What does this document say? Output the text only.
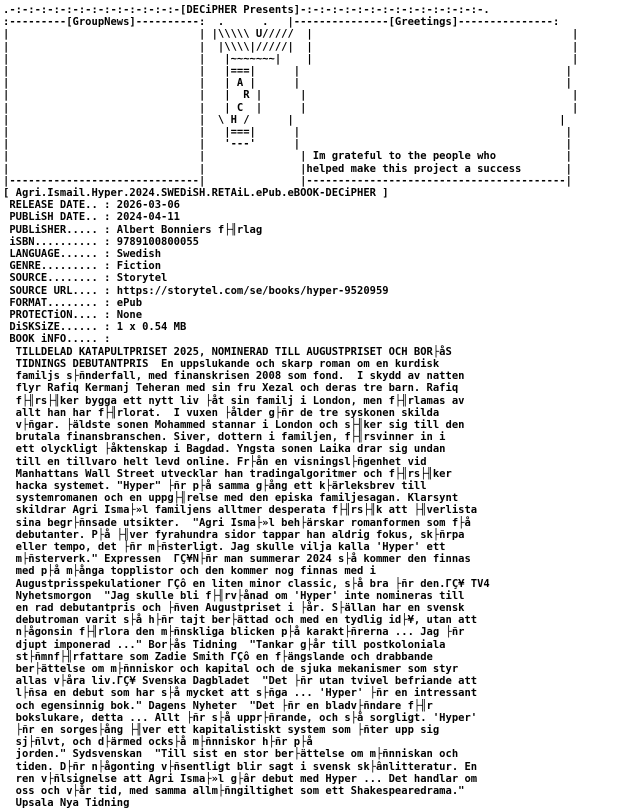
.-:-:-:-:-:-:-:-:-:-:-:-:-:-[DECiPHER Presents]-:-:-:-:-:-:-:-:-:-:-:-:-:-:-.
:---------[GroupNews]----------:  .      .   |---------------[Greetings]---------------:
|                              | |\\\\\ U/////  |                                         |
|                              |  |\\\\|/////|  |                                         |
|                              |   |~~~~~~~|    |                                         |
|                              |   |===|      |                                          |
|                              |   | A |      |                                          |
|                              |   |  R |      |                                          |
|                              |   | C  |      |                                          |
|                              |  \ H /      |                                          |
|                              |   |===|      |                                          |
|                              |   '---'      |                                          |
|                              |               | Im grateful to the people who           |
|                              |               |helped make this project a success       |
|------------------------------|               |-----------------------------------------|
[ Agri.Ismail.Hyper.2024.SWEDiSH.RETAiL.ePub.eBOOK-DECiPHER ]
RELEASE DATE.. : 2026-03-06
PUBLiSH DATE.. : 2024-04-11
PUBLiSHER..... : Albert Bonniers f├╢rlag
iSBN.......... : 9789100800055
LANGUAGE...... : Swedish
GENRE......... : Fiction
SOURCE........ : Storytel
SOURCE URL.... : https://storytel.com/se/books/hyper-9520959
FORMAT........ : ePub
PROTECTiON.... : None
DiSKSiZE...... : 1 x 0.54 MB
BOOK iNFO..... :
TILLDELAD KATAPULTPRISET 2025, NOMINERAD TILL AUGUSTPRISET OCH BOR├åS
TIDNINGS DEBUTANTPRIS  En uppslukande och skarp roman om en kurdisk
familjs s├ñnderfall, med finanskrisen 2008 som fond.  I skydd av natten
flyr Rafiq Kermanj Teheran med sin fru Xezal och deras tre barn. Rafiq
f├╢rs├╢ker bygga ett nytt liv ├åt sin familj i London, men f├╢rlamas av
allt han har f├╢rlorat.  I vuxen ├ålder g├ñr de tre syskonen skilda
v├ñgar. ├äldste sonen Mohammed stannar i London och s├╢ker sig till den
brutala finansbranschen. Siver, dottern i familjen, f├╢rsvinner in i
ett olyckligt ├åktenskap i Bagdad. Yngsta sonen Laika drar sig undan
till en tillvaro helt levd online. Fr├ån en visningsl├ñgenhet vid
Manhattans Wall Street utvecklar han tradingalgoritmer och f├╢rs├╢ker
hacka systemet. "Hyper" ├ñr p├å samma g├ång ett k├ärleksbrev till
systemromanen och en uppg├╢relse med den episka familjesagan. Klarsynt
skildrar Agri Isma├»l familjens alltmer desperata f├╢rs├╢k att ├╢verlista
sina begr├ñnsade utsikter.  "Agri Isma├»l beh├ärskar romanformen som f├å
debutanter. P├å ├╢ver fyrahundra sidor tappar han aldrig fokus, sk├ñrpa
eller tempo, det ├ñr m├ñsterligt. Jag skulle vilja kalla 'Hyper' ett
m├ñsterverk." Expressen  ΓÇ¥N├ñr man summerar 2024 s├å kommer den finnas
med p├å m├ånga topplistor och den kommer nog finnas med i
Augustprisspekulationer ΓÇô en liten minor classic, s├å bra ├ñr den.ΓÇ¥ TV4
Nyhetsmorgon  "Jag skulle bli f├╢rv├ånad om 'Hyper' inte nomineras till
en rad debutantpris och ├ñven Augustpriset i ├år. S├ällan har en svensk
debutroman varit s├å h├ñr tajt ber├ättad och med en tydlig id├¥, utan att
n├ågonsin f├╢rlora den m├ñnskliga blicken p├å karakt├ñrerna ... Jag ├ñr
djupt imponerad ..." Bor├ås Tidning  "Tankar g├år till postkoloniala
st├ñmnf├╢rfattare som Zadie Smith ΓÇô en f├ängslande och drabbande
ber├ättelse om m├ñnniskor och kapital och de sjuka mekanismer som styr
allas v├åra liv.ΓÇ¥ Svenska Dagbladet  "Det ├ñr utan tvivel befriande att
l├ñsa en debut som har s├å mycket att s├ñga ... 'Hyper' ├ñr en intressant
och egensinnig bok." Dagens Nyheter  "Det ├ñr en bladv├ñndare f├╢r
bokslukare, detta ... Allt ├ñr s├å uppr├ñrande, och s├å sorgligt. 'Hyper'
├ñr en sorges├ång ├╢ver ett kapitalistiskt system som ├ñter upp sig
sj├ñlvt, och d├ärmed ocks├å m├ñnniskor h├ñr p├å
jorden." Sydsvenskan  "Till sist en stor ber├ättelse om m├ñnniskan och
tiden. D├ñr n├ågonting v├ñsentligt blir sagt i svensk sk├ânlitteratur. En
ren v├ñlsignelse att Agri Isma├»l g├âr debut med Hyper ... Det handlar om
oss och v├år tid, med samma allm├ñngiltighet som ett Shakespearedrama."
Upsala Nya Tidning
